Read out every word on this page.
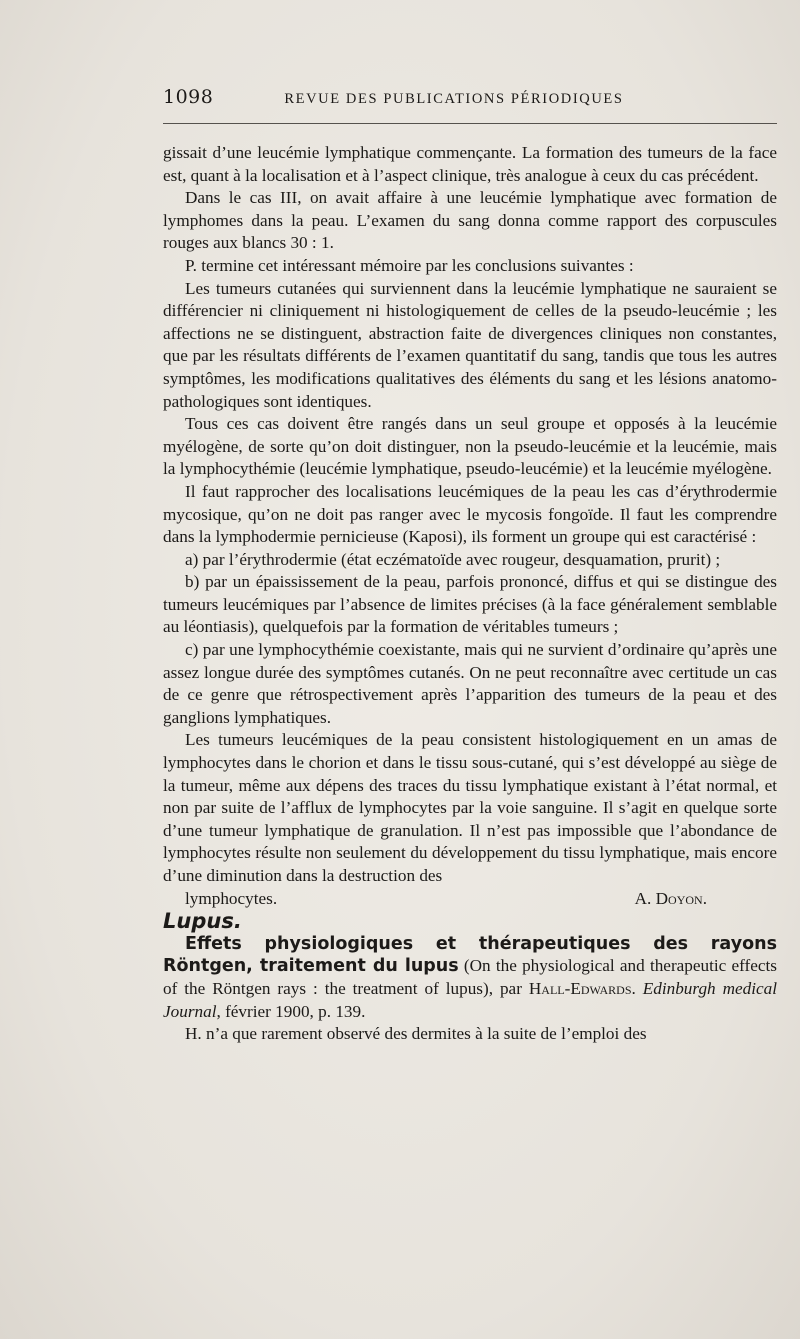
1098	REVUE DES PUBLICATIONS PÉRIODIQUES

gissait d’une leucémie lymphatique commençante. La formation des tumeurs de la face est, quant à la localisation et à l’aspect clinique, très analogue à ceux du cas précédent.

Dans le cas III, on avait affaire à une leucémie lymphatique avec formation de lymphomes dans la peau. L’examen du sang donna comme rapport des corpuscules rouges aux blancs 30 : 1.

P. termine cet intéressant mémoire par les conclusions suivantes :

Les tumeurs cutanées qui surviennent dans la leucémie lymphatique ne sauraient se différencier ni cliniquement ni histologiquement de celles de la pseudo-leucémie ; les affections ne se distinguent, abstraction faite de divergences cliniques non constantes, que par les résultats différents de l’examen quantitatif du sang, tandis que tous les autres symptômes, les modifications qualitatives des éléments du sang et les lésions anatomo-pathologiques sont identiques.

Tous ces cas doivent être rangés dans un seul groupe et opposés à la leucémie myélogène, de sorte qu’on doit distinguer, non la pseudo-leucémie et la leucémie, mais la lymphocythémie (leucémie lymphatique, pseudo-leucémie) et la leucémie myélogène.

Il faut rapprocher des localisations leucémiques de la peau les cas d’érythrodermie mycosique, qu’on ne doit pas ranger avec le mycosis fongoïde. Il faut les comprendre dans la lymphodermie pernicieuse (Kaposi), ils forment un groupe qui est caractérisé :

a) par l’érythrodermie (état eczématoïde avec rougeur, desquamation, prurit) ;

b) par un épaississement de la peau, parfois prononcé, diffus et qui se distingue des tumeurs leucémiques par l’absence de limites précises (à la face généralement semblable au léontiasis), quelquefois par la formation de véritables tumeurs ;

c) par une lymphocythémie coexistante, mais qui ne survient d’ordinaire qu’après une assez longue durée des symptômes cutanés. On ne peut reconnaître avec certitude un cas de ce genre que rétrospectivement après l’apparition des tumeurs de la peau et des ganglions lymphatiques.

Les tumeurs leucémiques de la peau consistent histologiquement en un amas de lymphocytes dans le chorion et dans le tissu sous-cutané, qui s’est développé au siège de la tumeur, même aux dépens des traces du tissu lymphatique existant à l’état normal, et non par suite de l’afflux de lymphocytes par la voie sanguine. Il s’agit en quelque sorte d’une tumeur lymphatique de granulation. Il n’est pas impossible que l’abondance de lymphocytes résulte non seulement du développement du tissu lymphatique, mais encore d’une diminution dans la destruction des

lymphocytes.	A. Doyon.

Lupus.

Effets physiologiques et thérapeutiques des rayons Röntgen, traitement du lupus (On the physiological and therapeutic effects of the Röntgen rays : the treatment of lupus), par Hall-Edwards. Edinburgh medical Journal, février 1900, p. 139.

H. n’a que rarement observé des dermites à la suite de l’emploi des
